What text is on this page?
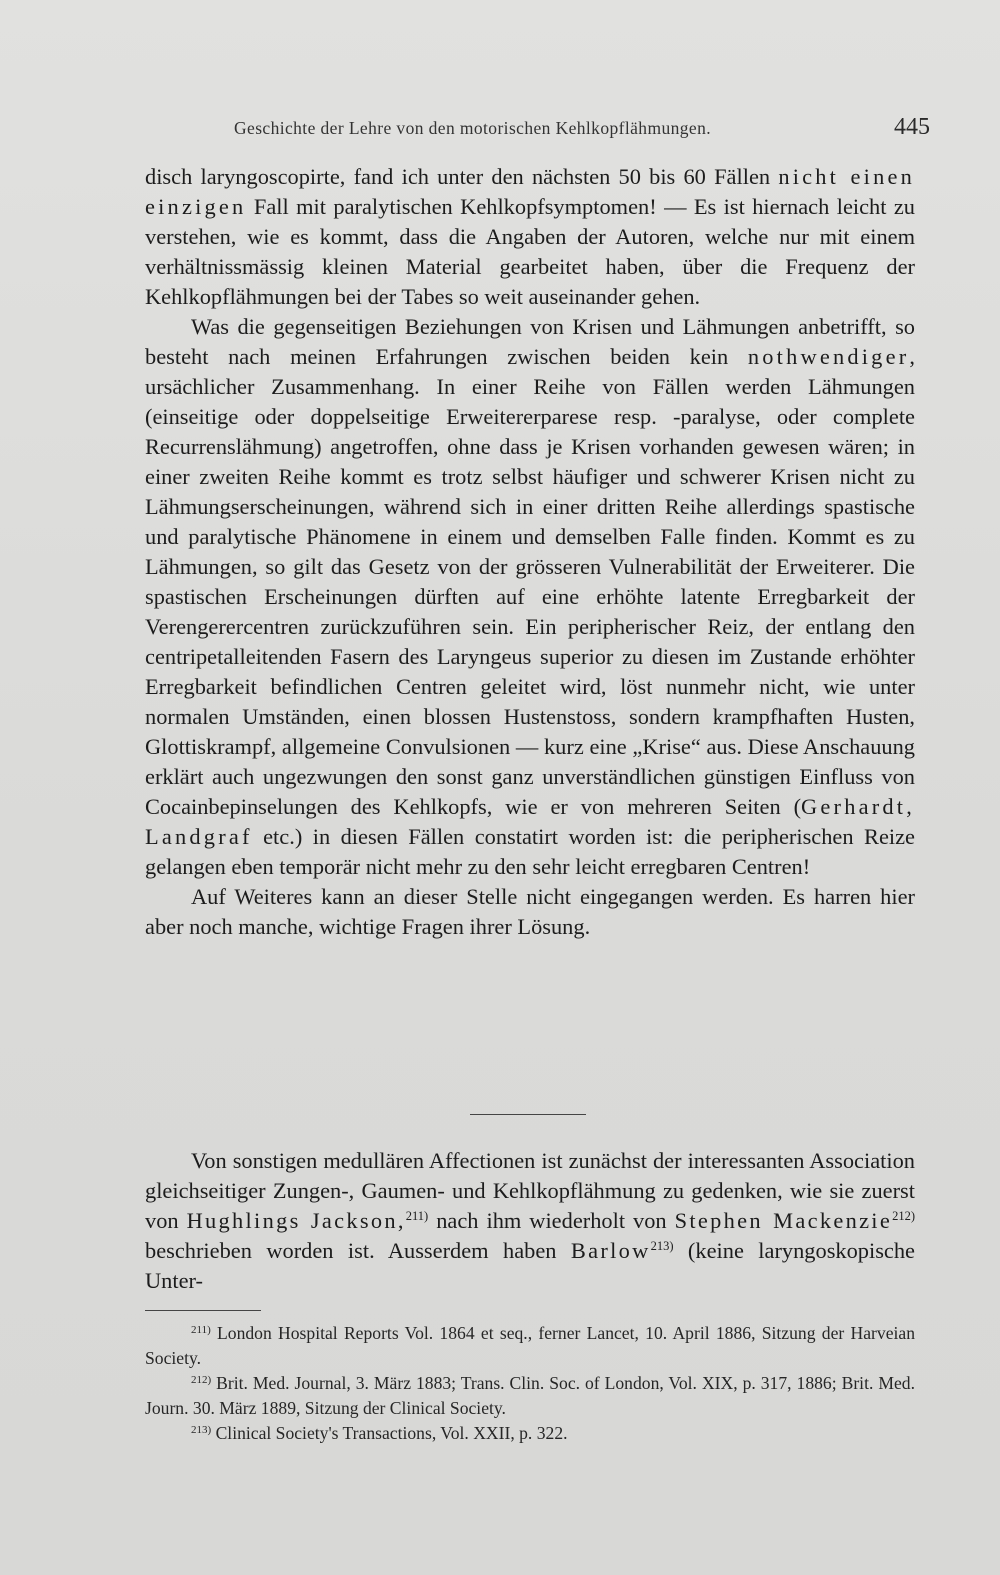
Geschichte der Lehre von den motorischen Kehlkopflähmungen.	445

disch laryngoscopirte, fand ich unter den nächsten 50 bis 60 Fällen nicht einen einzigen Fall mit paralytischen Kehlkopfsymptomen! — Es ist hiernach leicht zu verstehen, wie es kommt, dass die Angaben der Autoren, welche nur mit einem verhältnissmässig kleinen Material gearbeitet haben, über die Frequenz der Kehlkopflähmungen bei der Tabes so weit auseinander gehen.

Was die gegenseitigen Beziehungen von Krisen und Lähmungen anbetrifft, so besteht nach meinen Erfahrungen zwischen beiden kein nothwendiger, ursächlicher Zusammenhang. In einer Reihe von Fällen werden Lähmungen (einseitige oder doppelseitige Erweitererparese resp. -paralyse, oder complete Recurrenslähmung) angetroffen, ohne dass je Krisen vorhanden gewesen wären; in einer zweiten Reihe kommt es trotz selbst häufiger und schwerer Krisen nicht zu Lähmungserscheinungen, während sich in einer dritten Reihe allerdings spastische und paralytische Phänomene in einem und demselben Falle finden. Kommt es zu Lähmungen, so gilt das Gesetz von der grösseren Vulnerabilität der Erweiterer. Die spastischen Erscheinungen dürften auf eine erhöhte latente Erregbarkeit der Verengerercentren zurückzuführen sein. Ein peripherischer Reiz, der entlang den centripetalleitenden Fasern des Laryngeus superior zu diesen im Zustande erhöhter Erregbarkeit befindlichen Centren geleitet wird, löst nunmehr nicht, wie unter normalen Umständen, einen blossen Hustenstoss, sondern krampfhaften Husten, Glottiskrampf, allgemeine Convulsionen — kurz eine „Krise“ aus. Diese Anschauung erklärt auch ungezwungen den sonst ganz unverständlichen günstigen Einfluss von Cocainbepinselungen des Kehlkopfs, wie er von mehreren Seiten (Gerhardt, Landgraf etc.) in diesen Fällen constatirt worden ist: die peripherischen Reize gelangen eben temporär nicht mehr zu den sehr leicht erregbaren Centren!

Auf Weiteres kann an dieser Stelle nicht eingegangen werden. Es harren hier aber noch manche, wichtige Fragen ihrer Lösung.

Von sonstigen medullären Affectionen ist zunächst der interessanten Association gleichseitiger Zungen-, Gaumen- und Kehlkopflähmung zu gedenken, wie sie zuerst von Hughlings Jackson,$^{211)}$ nach ihm wiederholt von Stephen Mackenzie$^{212)}$ beschrieben worden ist. Ausserdem haben Barlow$^{213)}$ (keine laryngoskopische Unter-

$^{211)}$ London Hospital Reports Vol. 1864 et seq., ferner Lancet, 10. April 1886, Sitzung der Harveian Society.

$^{212)}$ Brit. Med. Journal, 3. März 1883; Trans. Clin. Soc. of London, Vol. XIX, p. 317, 1886; Brit. Med. Journ. 30. März 1889, Sitzung der Clinical Society.

$^{213)}$ Clinical Society's Transactions, Vol. XXII, p. 322.
